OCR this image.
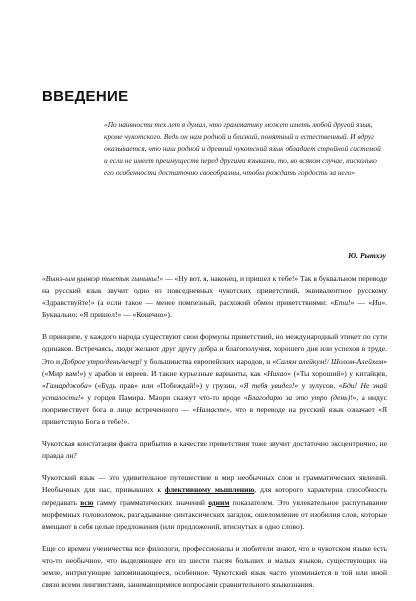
ВВЕДЕНИЕ
«По наивности тех лет я думал, что грамматику может иметь любой другой язык, кроме чукотского. Ведь он нам родной и близкий, понятный и естественный. И вдруг оказывается, что наш родной и древний чукотский язык обладает стройной системой и если не имеет преимуществ перед другими языками, то, во всяком случае, нисколько его особенности достаточно своеобразны, чтобы рождать гордость за него»
Ю. Рытхэу

«Вынэ-ым ӄынвэр тыетык гыныкы!» — «Ну вот, я, наконец, и пришел к тебе!» Так в буквальном переводе на русский язык звучит одно из повседневных чукотских приветствий, эквивалентное русскому «Здравствуйте!» (а если такое — менее помпезный, расхожий обмен приветствиями: «Ети!» — «Ии». Буквально: «Я пришел!» — «Конечно»).

В принципе, у каждого народа существуют свои формулы приветствий, но международный этикет по сути одинаков. Встречаясь, люди желают друг другу добра и благополучия, хорошего дня или успехов в труде. Это и Доброе утро/день/вечер! у большинства европейских народов, и «Салям алейкум!/ Шолом-Алейхем» («Мир вам!») у арабов и евреев. И такие курьезные варианты, как «Нихао» («Ты хороший») у китайцев, «Гамарджоба» («Будь прав» или «Побеждай!») у грузин, «Я тебя увидел!» у зулусов, «Бди! Не знай усталости!» у горцев Памира. Маори скажут что-то вроде «Благодарю за это утро (день)!», а индус попривествует бога в лице встреченного — «Намасте», что в переводе на русский язык означает «Я приветствую Бога в тебе!».

Чукотская констатация факта прибытия в качестве приветствия тоже звучит достаточно эксцентрично, не правда ли?

Чукотский язык — это удивительное путешествие в мир необычных слов и грамматических явлений. Необычных для нас, привыкших к флективному мышлению, для которого характерна способность передавать всю гамму грамматических значений одним показателем. Это увлекательное распутывание морфемных головоломок, разгадывание синтаксических загадок, ошеломление от изобилия слов, которые вмещают в себя целые предложения (или предложений, втиснутых в одно слово).

Еще со времен ученичества все филологи, профессионалы и любители знают, что в чукотском языке есть что-то необычное, что выделяющее его из шести тысяч больших и малых языков, существующих на земле, интригующие запоминающееся, особенное. Чукотский язык часто упоминается в той или иной связи всеми лингвистами, занимающимися вопросами сравнительного языкознания.
